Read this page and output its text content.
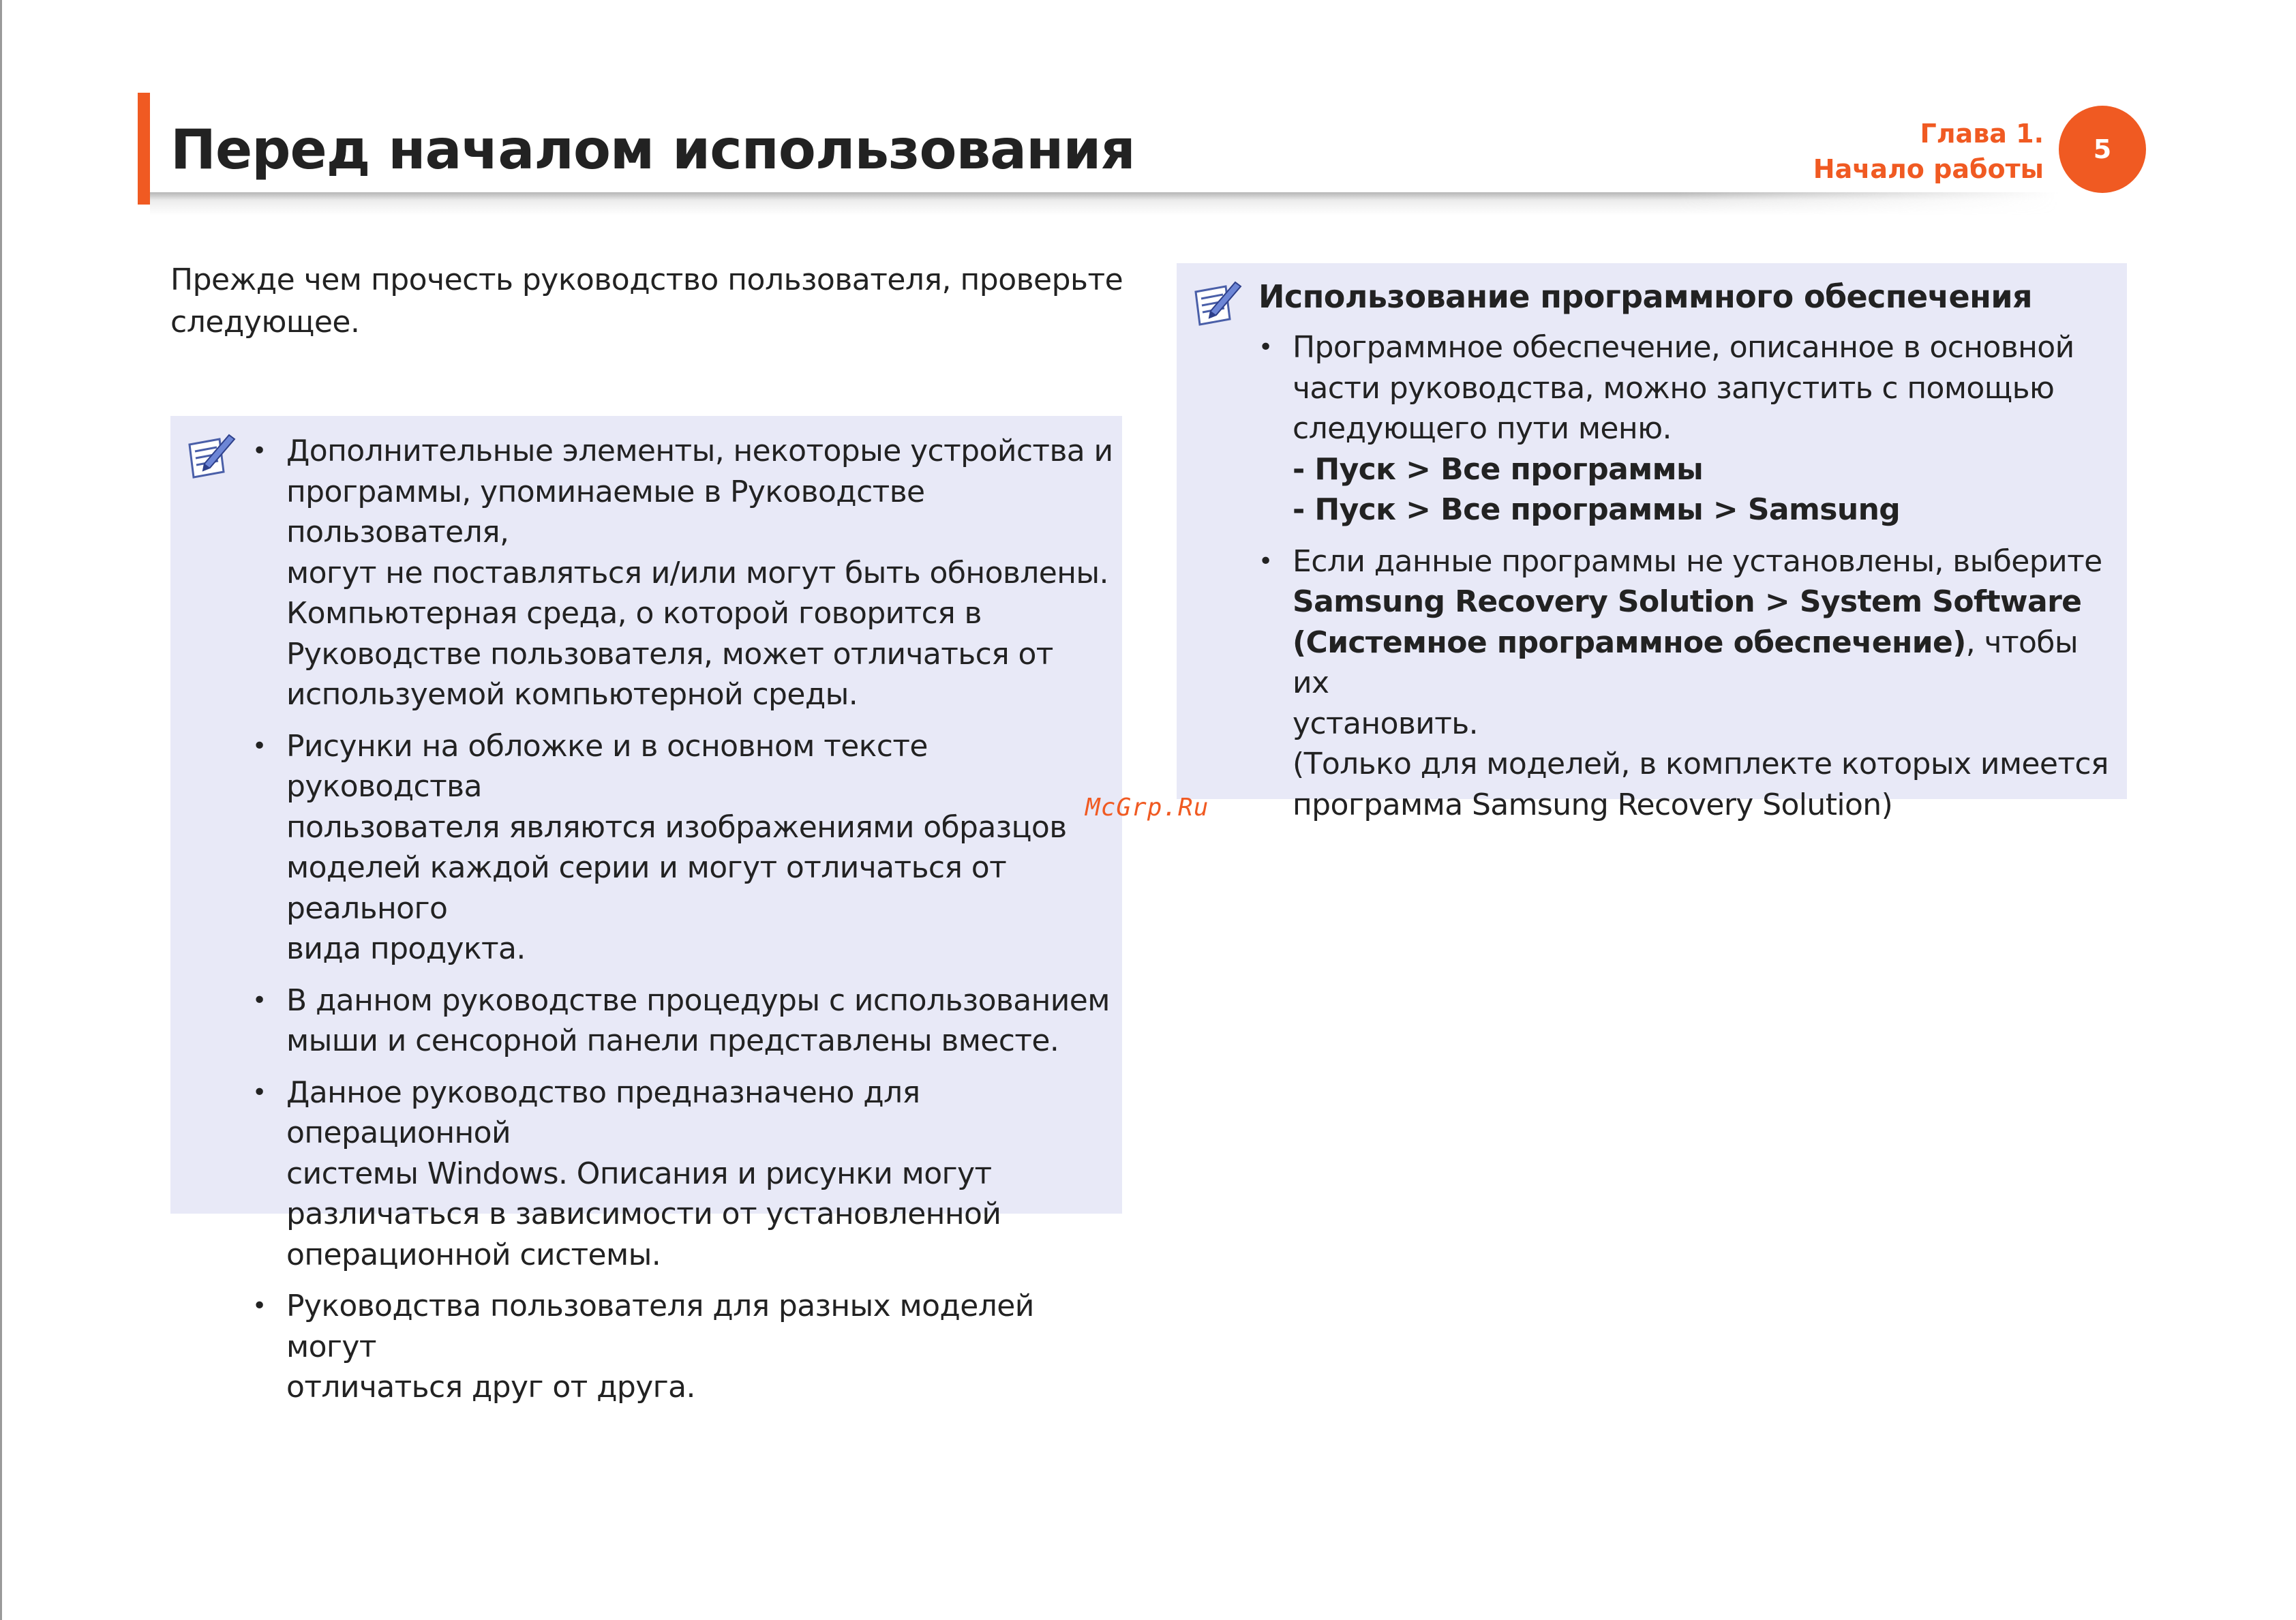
Перед началом использования	Глава 1.
Начало работы
5

Прежде чем прочесть руководство пользователя, проверьте
следующее.

• Дополнительные элементы, некоторые устройства и
программы, упоминаемые в Руководстве пользователя,
могут не поставляться и/или могут быть обновлены.
Компьютерная среда, о которой говорится в
Руководстве пользователя, может отличаться от
используемой компьютерной среды.
• Рисунки на обложке и в основном тексте руководства
пользователя являются изображениями образцов
моделей каждой серии и могут отличаться от реального
вида продукта.
• В данном руководстве процедуры с использованием
мыши и сенсорной панели представлены вместе.
• Данное руководство предназначено для операционной
системы Windows. Описания и рисунки могут
различаться в зависимости от установленной
операционной системы.
• Руководства пользователя для разных моделей могут
отличаться друг от друга.
Использование программного обеспечения
• Программное обеспечение, описанное в основной
части руководства, можно запустить с помощью
следующего пути меню.
- Пуск > Все программы
- Пуск > Все программы > Samsung
• Если данные программы не установлены, выберите
Samsung Recovery Solution > System Software
(Системное программное обеспечение), чтобы их
установить.
(Только для моделей, в комплекте которых имеется
программа Samsung Recovery Solution)
McGrp.Ru
